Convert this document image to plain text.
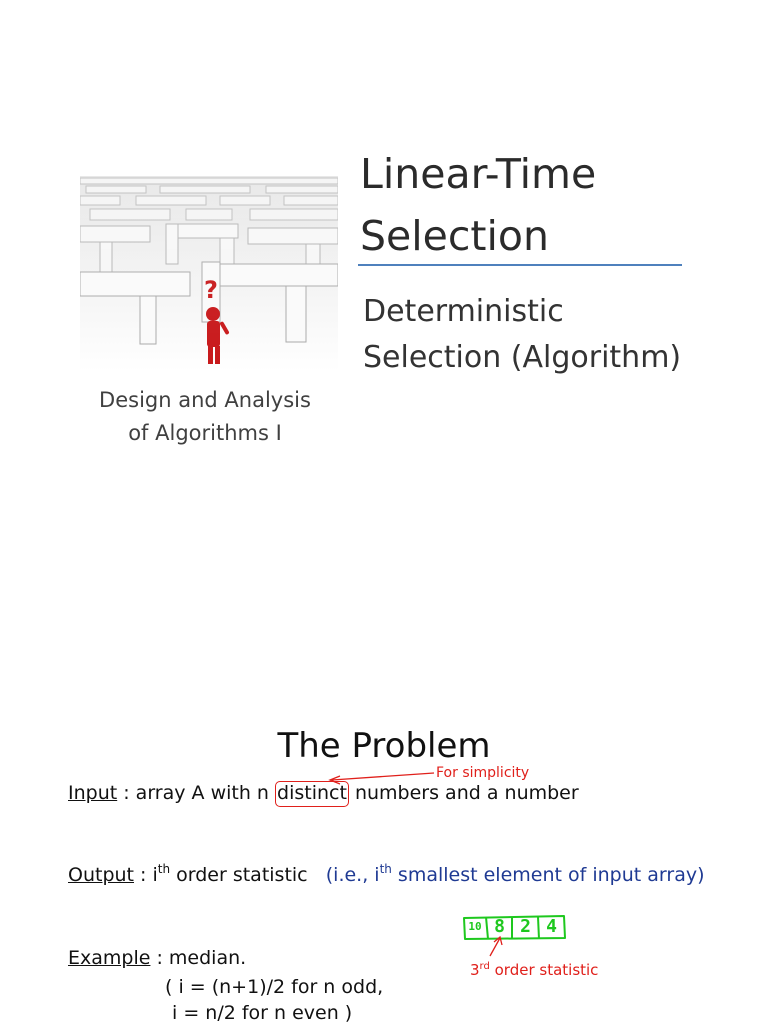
Linear-Time
Selection
Deterministic
Selection (Algorithm)
Design and Analysis
of Algorithms I
The Problem
Input : array A with n distinct numbers and a number
For simplicity
Output : $i^{th}$ order statistic (i.e., $i^{th}$ smallest element of input array)
10 8 2 4
3rd order statistic
Example : median.
( i = (n+1)/2 for n odd,
i = n/2 for n even )
